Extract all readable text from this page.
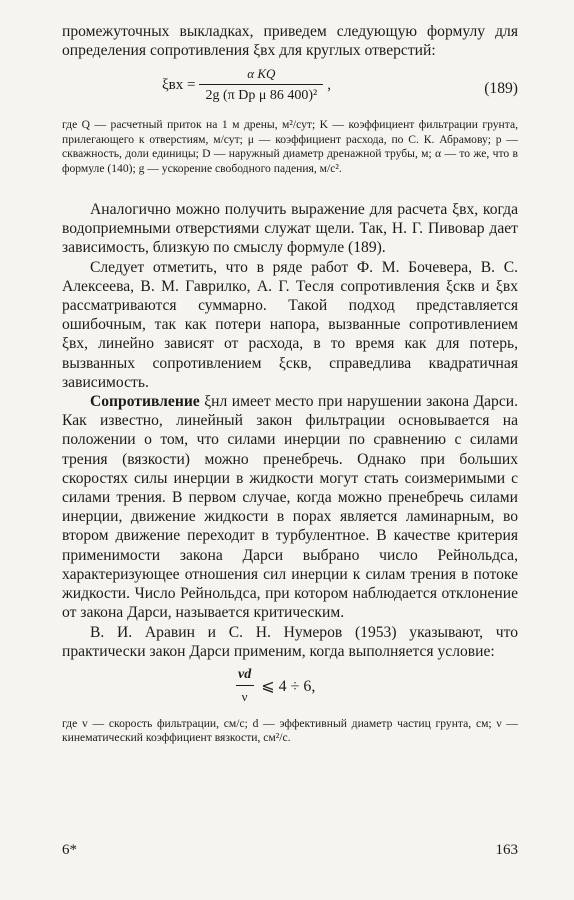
промежуточных выкладках, приведем следующую формулу для определения сопротивления ξвх для круглых отверстий:

$\xi вх = \frac{\text{α KQ}}{\text{2g (π Dp μ 86 400)²}}$ ,	(189)

где Q — расчетный приток на 1 м дрены, м²/сут; K — коэффициент фильтрации грунта, прилегающего к отверстиям, м/сут; μ — коэффициент расхода, по С. К. Абрамову; p — скважность, доли единицы; D — наружный диаметр дренажной трубы, м; α — то же, что в формуле (140); g — ускорение свободного падения, м/с².

Аналогично можно получить выражение для расчета ξвх, когда водоприемными отверстиями служат щели. Так, Н. Г. Пивовар дает зависимость, близкую по смыслу формуле (189).

Следует отметить, что в ряде работ Ф. М. Бочевера, В. С. Алексеева, В. М. Гаврилко, А. Г. Тесля сопротивления ξскв и ξвх рассматриваются суммарно. Такой подход представляется ошибочным, так как потери напора, вызванные сопротивлением ξвх, линейно зависят от расхода, в то время как для потерь, вызванных сопротивлением ξскв, справедлива квадратичная зависимость.

Сопротивление ξнл имеет место при нарушении закона Дарси. Как известно, линейный закон фильтрации основывается на положении о том, что силами инерции по сравнению с силами трения (вязкости) можно пренебречь. Однако при больших скоростях силы инерции в жидкости могут стать соизмеримыми с силами трения. В первом случае, когда можно пренебречь силами инерции, движение жидкости в порах является ламинарным, во втором движение переходит в турбулентное. В качестве критерия применимости закона Дарси выбрано число Рейнольдса, характеризующее отношения сил инерции к силам трения в потоке жидкости. Число Рейнольдса, при котором наблюдается отклонение от закона Дарси, называется критическим.

В. И. Аравин и С. Н. Нумеров (1953) указывают, что практически закон Дарси применим, когда выполняется условие:

$\frac{vd}{\nu}$ ⩽ 4 ÷ 6,

где v — скорость фильтрации, см/с; d — эффективный диаметр частиц грунта, см; ν — кинематический коэффициент вязкости, см²/с.

6*	163
